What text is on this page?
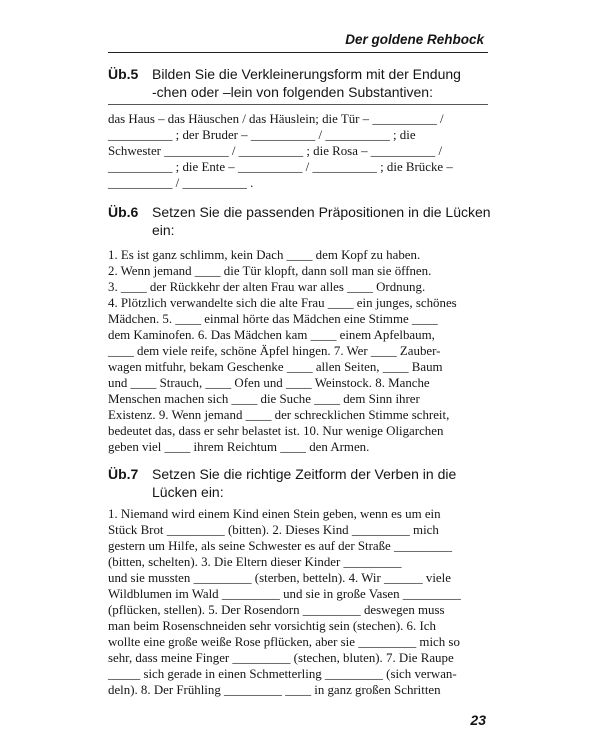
Der goldene Rehbock
Üb.5 Bilden Sie die Verkleinerungsform mit der Endung
-chen oder –lein von folgenden Substantiven:
das Haus – das Häuschen / das Häuslein; die Tür – __________ /
__________ ; der Bruder – __________ / __________ ; die
Schwester __________ / __________ ; die Rosa – __________ /
__________ ; die Ente – __________ / __________ ; die Brücke –
__________ / __________ .
Üb.6 Setzen Sie die passenden Präpositionen in die Lücken
ein:
1. Es ist ganz schlimm, kein Dach ____ dem Kopf zu haben.
2. Wenn jemand ____ die Tür klopft, dann soll man sie öffnen.
3. ____ der Rückkehr der alten Frau war alles ____ Ordnung.
4. Plötzlich verwandelte sich die alte Frau ____ ein junges, schönes
Mädchen. 5. ____ einmal hörte das Mädchen eine Stimme ____
dem Kaminofen. 6. Das Mädchen kam ____ einem Apfelbaum,
____ dem viele reife, schöne Äpfel hingen. 7. Wer ____ Zauber-
wagen mitfuhr, bekam Geschenke ____ allen Seiten, ____ Baum
und ____ Strauch, ____ Ofen und ____ Weinstock. 8. Manche
Menschen machen sich ____ die Suche ____ dem Sinn ihrer
Existenz. 9. Wenn jemand ____ der schrecklichen Stimme schreit,
bedeutet das, dass er sehr belastet ist. 10. Nur wenige Oligarchen
geben viel ____ ihrem Reichtum ____ den Armen.
Üb.7 Setzen Sie die richtige Zeitform der Verben in die
Lücken ein:
1. Niemand wird einem Kind einen Stein geben, wenn es um ein
Stück Brot _________ (bitten). 2. Dieses Kind _________ mich
gestern um Hilfe, als seine Schwester es auf der Straße _________
(bitten, schelten). 3. Die Eltern dieser Kinder _________
und sie mussten _________ (sterben, betteln). 4. Wir ______ viele
Wildblumen im Wald _________ und sie in große Vasen _________
(pflücken, stellen). 5. Der Rosendorn _________ deswegen muss
man beim Rosenschneiden sehr vorsichtig sein (stechen). 6. Ich
wollte eine große weiße Rose pflücken, aber sie _________ mich so
sehr, dass meine Finger _________ (stechen, bluten). 7. Die Raupe
_____ sich gerade in einen Schmetterling _________ (sich verwan-
deln). 8. Der Frühling _________ ____ in ganz großen Schritten
23
